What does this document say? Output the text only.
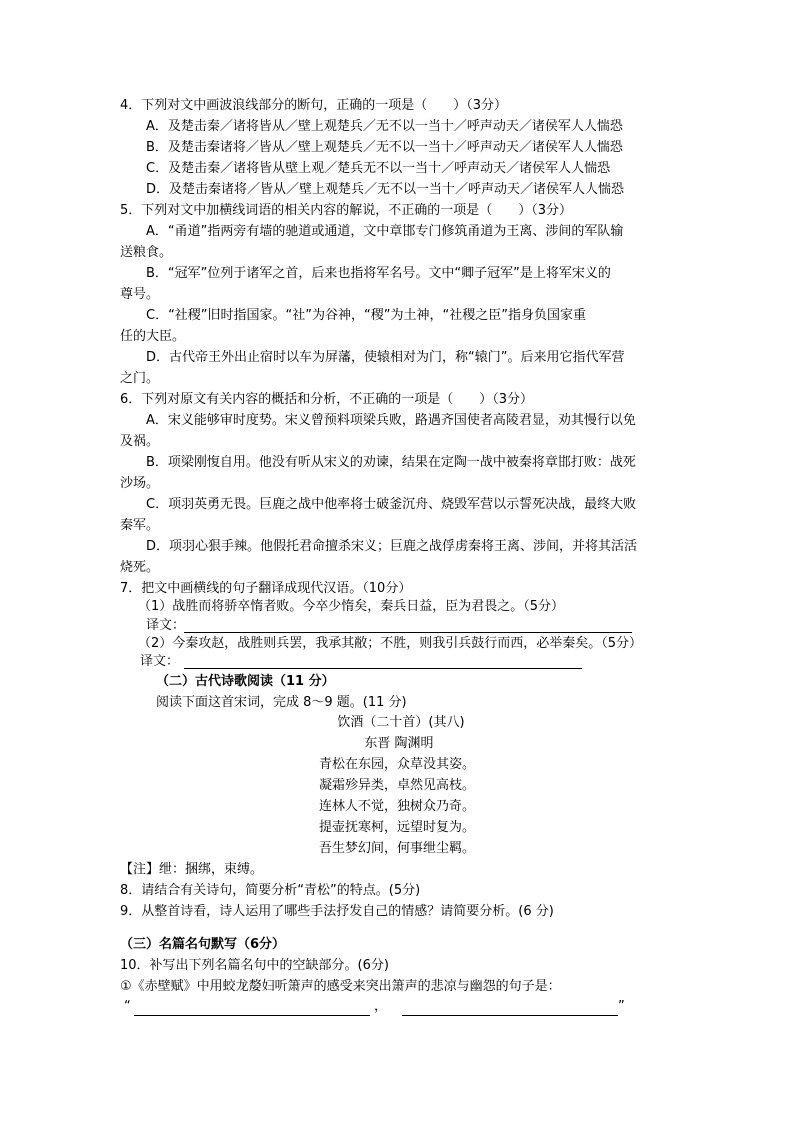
4．下列对文中画波浪线部分的断句，正确的一项是（　　）（3分）
A．及楚击秦／诸将皆从／壁上观楚兵／无不以一当十／呼声动天／诸侯军人人惴恐
B．及楚击秦诸将／皆从／壁上观楚兵／无不以一当十／呼声动天／诸侯军人人惴恐
C．及楚击秦／诸将皆从壁上观／楚兵无不以一当十／呼声动天／诸侯军人人惴恐
D．及楚击秦诸将／皆从／壁上观楚兵／无不以一当十／呼声动天／诸侯军人人惴恐
5．下列对文中加横线词语的相关内容的解说，不正确的一项是（　　）（3分）
A．“甬道”指两旁有墙的驰道或通道，文中章邯专门修筑甬道为王离、涉间的军队输
送粮食。
B．“冠军”位列于诸军之首，后来也指将军名号。文中“卿子冠军”是上将军宋义的
尊号。
C．“社稷”旧时指国家。“社”为谷神，“稷”为土神，“社稷之臣”指身负国家重
任的大臣。
D．古代帝王外出止宿时以车为屏藩，使辕相对为门，称“辕门”。后来用它指代军营
之门。
6．下列对原文有关内容的概括和分析，不正确的一项是（　　）（3分）
A．宋义能够审时度势。宋义曾预料项梁兵败，路遇齐国使者高陵君显，劝其慢行以免
及祸。
B．项梁刚愎自用。他没有听从宋义的劝谏，结果在定陶一战中被秦将章邯打败：战死
沙场。
C．项羽英勇无畏。巨鹿之战中他率将士破釜沉舟、烧毁军营以示誓死决战，最终大败
秦军。
D．项羽心狠手辣。他假托君命擅杀宋义；巨鹿之战俘虏秦将王离、涉间，并将其活活
烧死。
7．把文中画横线的句子翻译成现代汉语。（10分）
（1）战胜而将骄卒惰者败。今卒少惰矣，秦兵日益，臣为君畏之。（5分）
译文：
（2）今秦攻赵，战胜则兵罢，我承其敝；不胜，则我引兵鼓行而西，必举秦矣。（5分）
译文：
（二）古代诗歌阅读（11 分）
阅读下面这首宋词，完成 8～9 题。(11 分)
饮酒（二十首）(其八)
东晋 陶渊明
青松在东园，众草没其姿。
凝霜殄异类，卓然见高枝。
连林人不觉，独树众乃奇。
提壶抚寒柯，远望时复为。
吾生梦幻间，何事绁尘羁。
【注】绁：捆绑，束缚。
8．请结合有关诗句，简要分析“青松”的特点。(5分)
9．从整首诗看，诗人运用了哪些手法抒发自己的情感？请简要分析。(6 分)
（三）名篇名句默写（6分）
10．补写出下列名篇名句中的空缺部分。(6分)
①《赤壁赋》中用蛟龙嫠妇听箫声的感受来突出箫声的悲凉与幽怨的句子是：
“	，	”
